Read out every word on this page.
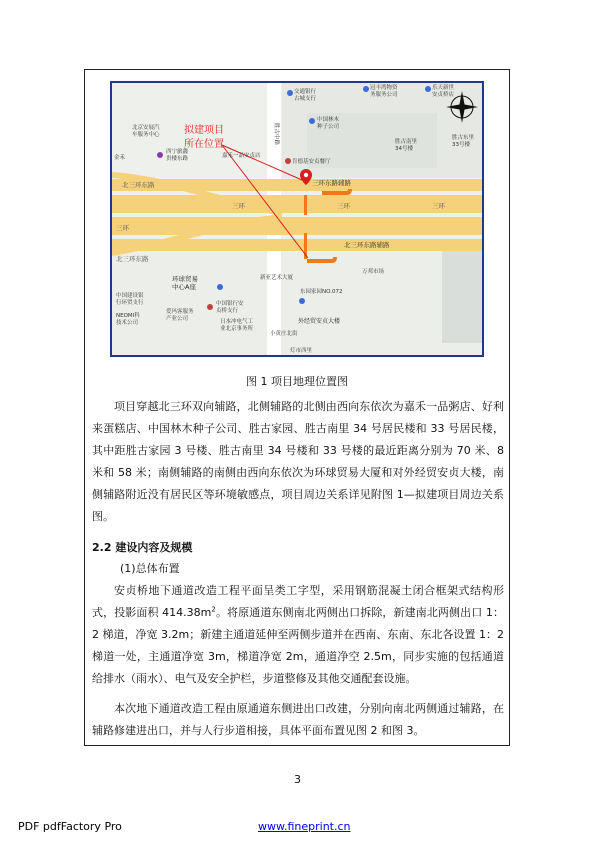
交通银行
古城支行
冠丰湾物资
务服务公司
乐天新世
安贞桥店
北京安展汽
车服务中心
西宁旅鑫
贵楼东路
中国林木
种子公司
胜古南里
34号楼
胜古东里
33号楼
金禾	嘉禾一品安贞店
肯德基安贞餐厅
北三环东路	三环东路辅路
三环	三环	三环
三环
北三环东路辅路
北三环东路
环球贸易
中心A座
中国银行安
贞桥支行
中国建设银
行环贸支行
NEOMI科
技术公司
爱玛客服务
产业公司	日本冲电气工
业北京事务所
新亚艺术大厦
万邦市场
东园家园NO.072
外经贸安贞大楼
小黄庄北街
灯市西里
胜古中路
拟建项目
所在位置
图 1 项目地理位置图
项目穿越北三环双向辅路，北侧辅路的北侧由西向东依次为嘉禾一品粥店、好利来蛋糕店、中国林木种子公司、胜古家园、胜古南里 34 号居民楼和 33 号居民楼，其中距胜古家园 3 号楼、胜古南里 34 号楼和 33 号楼的最近距离分别为 70 米、8 米和 58 米；南侧辅路的南侧由西向东依次为环球贸易大厦和对外经贸安贞大楼，南侧辅路附近没有居民区等环境敏感点，项目周边关系详见附图 1—拟建项目周边关系图。
2.2 建设内容及规模
(1)总体布置
安贞桥地下通道改造工程平面呈类工字型，采用钢筋混凝土闭合框架式结构形式，投影面积 $414.38m^2$。将原通道东侧南北两侧出口拆除，新建南北两侧出口 1：2 梯道，净宽 3.2m；新建主通道延伸至两侧步道并在西南、东南、东北各设置 1：2 梯道一处，主通道净宽 3m，梯道净宽 2m，通道净空 2.5m，同步实施的包括通道给排水（雨水）、电气及安全护栏，步道整修及其他交通配套设施。
本次地下通道改造工程由原通道东侧进出口改建，分别向南北两侧通过辅路，在辅路修建进出口，并与人行步道相接，具体平面布置见图 2 和图 3。
3
PDF pdfFactory Pro	www.fineprint.cn
